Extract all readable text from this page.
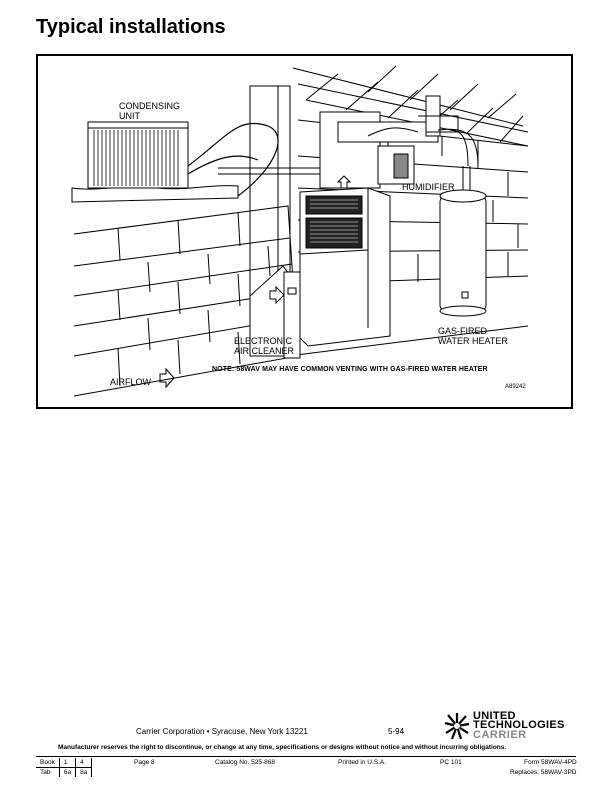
Typical installations
CONDENSING
UNIT
HUMIDIFIER
ELECTRONIC
AIR CLEANER
GAS-FIRED
WATER HEATER
AIRFLOW
NOTE: 58WAV MAY HAVE COMMON VENTING WITH GAS-FIRED WATER HEATER
A89242
UNITED
TECHNOLOGIES
CARRIER
Carrier Corporation • Syracuse, New York 13221	5-94
Manufacturer reserves the right to discontinue, or change at any time, specifications or designs without notice and without incurring obligations.
Book	1	4
Tab	6a	8a
Page 8	Catalog No. 525-868	Printed in U.S.A.	PC 101	Form 58WAV-4PD
Replaces: 58WAV-3PD
